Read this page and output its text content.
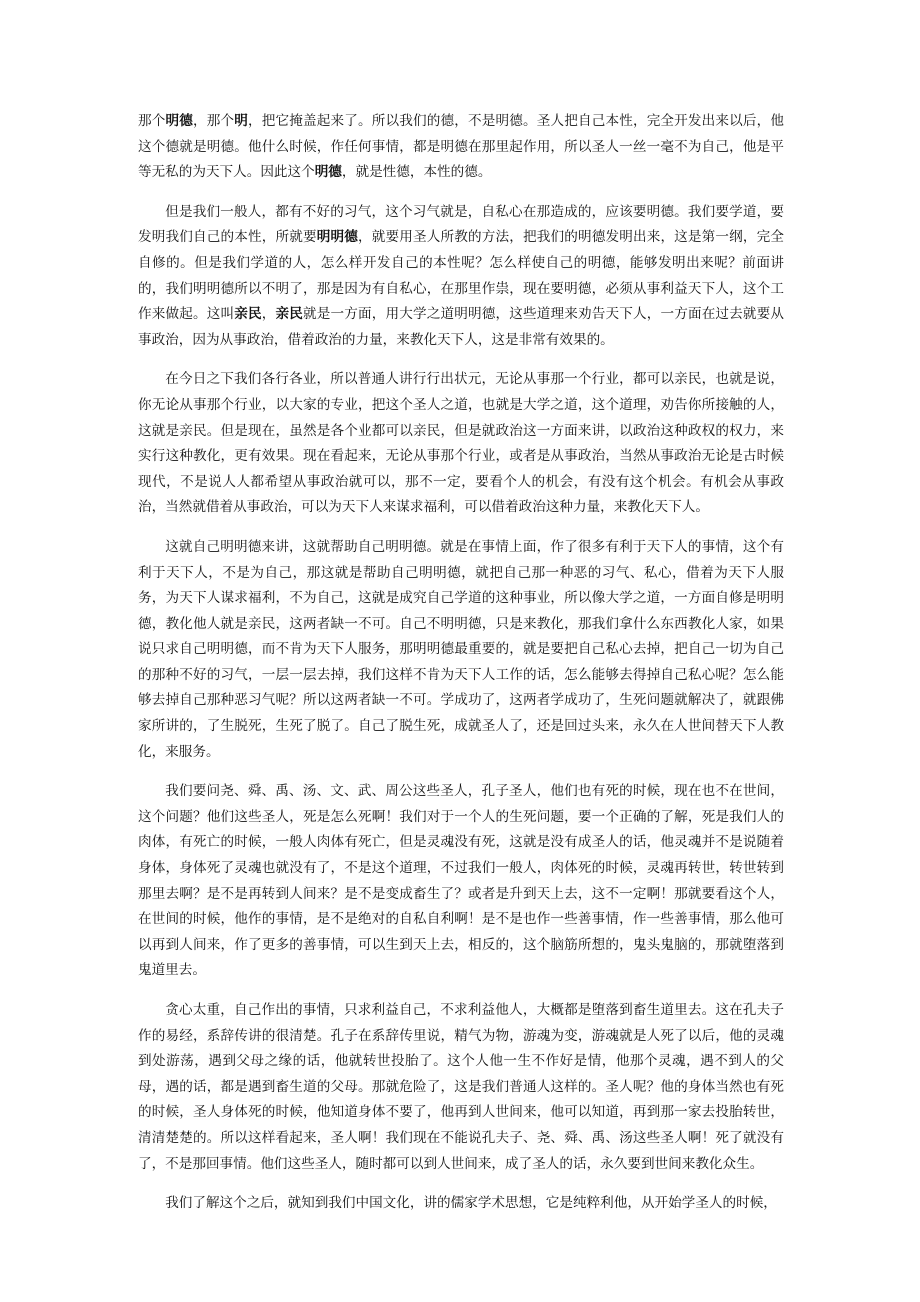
那个明德，那个明，把它掩盖起来了。所以我们的德，不是明德。圣人把自己本性，完全开发出来以后，他这个德就是明德。他什么时候，作任何事情，都是明德在那里起作用，所以圣人一丝一毫不为自己，他是平等无私的为天下人。因此这个明德，就是性德，本性的德。

但是我们一般人，都有不好的习气，这个习气就是，自私心在那造成的，应该要明德。我们要学道，要发明我们自己的本性，所就要明明德，就要用圣人所教的方法，把我们的明德发明出来，这是第一纲，完全自修的。但是我们学道的人，怎么样开发自己的本性呢？怎么样使自己的明德，能够发明出来呢？前面讲的，我们明明德所以不明了，那是因为有自私心，在那里作祟，现在要明德，必须从事利益天下人，这个工作来做起。这叫亲民，亲民就是一方面，用大学之道明明德，这些道理来劝告天下人，一方面在过去就要从事政治，因为从事政治，借着政治的力量，来教化天下人，这是非常有效果的。

在今日之下我们各行各业，所以普通人讲行行出状元，无论从事那一个行业，都可以亲民，也就是说，你无论从事那个行业，以大家的专业，把这个圣人之道，也就是大学之道，这个道理，劝告你所接触的人，这就是亲民。但是现在，虽然是各个业都可以亲民，但是就政治这一方面来讲，以政治这种政权的权力，来实行这种教化，更有效果。现在看起来，无论从事那个行业，或者是从事政治，当然从事政治无论是古时候现代，不是说人人都希望从事政治就可以，那不一定，要看个人的机会，有没有这个机会。有机会从事政治，当然就借着从事政治，可以为天下人来谋求福利，可以借着政治这种力量，来教化天下人。

这就自己明明德来讲，这就帮助自己明明德。就是在事情上面，作了很多有利于天下人的事情，这个有利于天下人，不是为自己，那这就是帮助自己明明德，就把自己那一种恶的习气、私心，借着为天下人服务，为天下人谋求福利，不为自己，这就是成究自己学道的这种事业，所以像大学之道，一方面自修是明明德，教化他人就是亲民，这两者缺一不可。自己不明明德，只是来教化，那我们拿什么东西教化人家，如果说只求自己明明德，而不肯为天下人服务，那明明德最重要的，就是要把自己私心去掉，把自己一切为自己的那种不好的习气，一层一层去掉，我们这样不肯为天下人工作的话，怎么能够去得掉自己私心呢？怎么能够去掉自己那种恶习气呢？所以这两者缺一不可。学成功了，这两者学成功了，生死问题就解决了，就跟佛家所讲的，了生脱死，生死了脱了。自己了脱生死，成就圣人了，还是回过头来，永久在人世间替天下人教化，来服务。

我们要问尧、舜、禹、汤、文、武、周公这些圣人，孔子圣人，他们也有死的时候，现在也不在世间，这个问题？他们这些圣人，死是怎么死啊！我们对于一个人的生死问题，要一个正确的了解，死是我们人的肉体，有死亡的时候，一般人肉体有死亡，但是灵魂没有死，这就是没有成圣人的话，他灵魂并不是说随着身体，身体死了灵魂也就没有了，不是这个道理，不过我们一般人，肉体死的时候，灵魂再转世，转世转到那里去啊？是不是再转到人间来？是不是变成畜生了？或者是升到天上去，这不一定啊！那就要看这个人，在世间的时候，他作的事情，是不是绝对的自私自利啊！是不是也作一些善事情，作一些善事情，那么他可以再到人间来，作了更多的善事情，可以生到天上去，相反的，这个脑筋所想的，鬼头鬼脑的，那就堕落到鬼道里去。

贪心太重，自己作出的事情，只求利益自己，不求利益他人，大概都是堕落到畜生道里去。这在孔夫子作的易经，系辞传讲的很清楚。孔子在系辞传里说，精气为物，游魂为变，游魂就是人死了以后，他的灵魂到处游荡，遇到父母之缘的话，他就转世投胎了。这个人他一生不作好是情，他那个灵魂，遇不到人的父母，遇的话，都是遇到畜生道的父母。那就危险了，这是我们普通人这样的。圣人呢？他的身体当然也有死的时候，圣人身体死的时候，他知道身体不要了，他再到人世间来，他可以知道，再到那一家去投胎转世，清清楚楚的。所以这样看起来，圣人啊！我们现在不能说孔夫子、尧、舜、禹、汤这些圣人啊！死了就没有了，不是那回事情。他们这些圣人，随时都可以到人世间来，成了圣人的话，永久要到世间来教化众生。

我们了解这个之后，就知到我们中国文化，讲的儒家学术思想，它是纯粹利他，从开始学圣人的时候，
